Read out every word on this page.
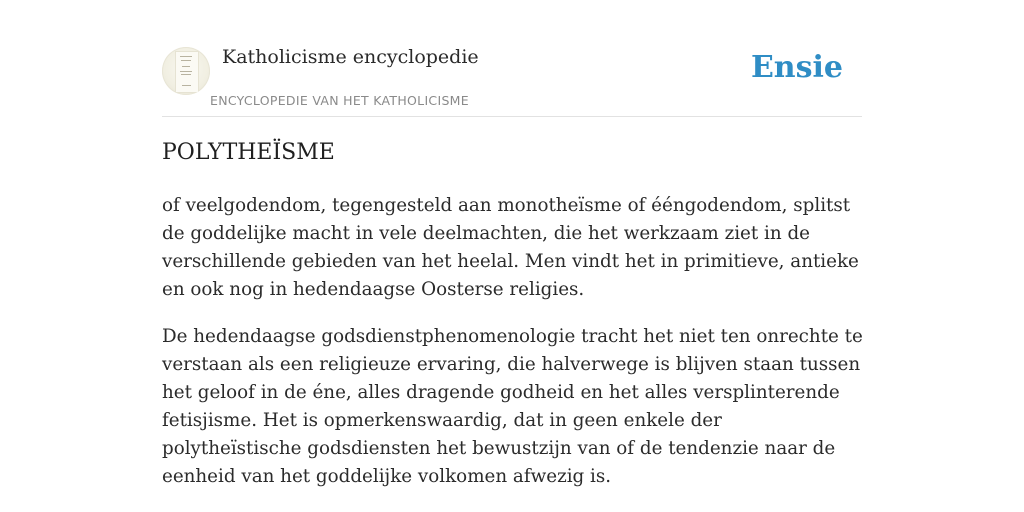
Katholicisme encyclopedie
ENCYCLOPEDIE VAN HET KATHOLICISME
Ensie
POLYTHEÏSME

of veelgodendom, tegengesteld aan monotheïsme of ééngodendom, splitst de goddelijke macht in vele deelmachten, die het werkzaam ziet in de verschillende gebieden van het heelal. Men vindt het in primitieve, antieke en ook nog in hedendaagse Oosterse religies.

De hedendaagse godsdienstphenomenologie tracht het niet ten onrechte te verstaan als een religieuze ervaring, die halverwege is blijven staan tussen het geloof in de éne, alles dragende godheid en het alles versplinterende fetisjisme. Het is opmerkenswaardig, dat in geen enkele der polytheïstische godsdiensten het bewustzijn van of de tendenzie naar de eenheid van het goddelijke volkomen afwezig is.
